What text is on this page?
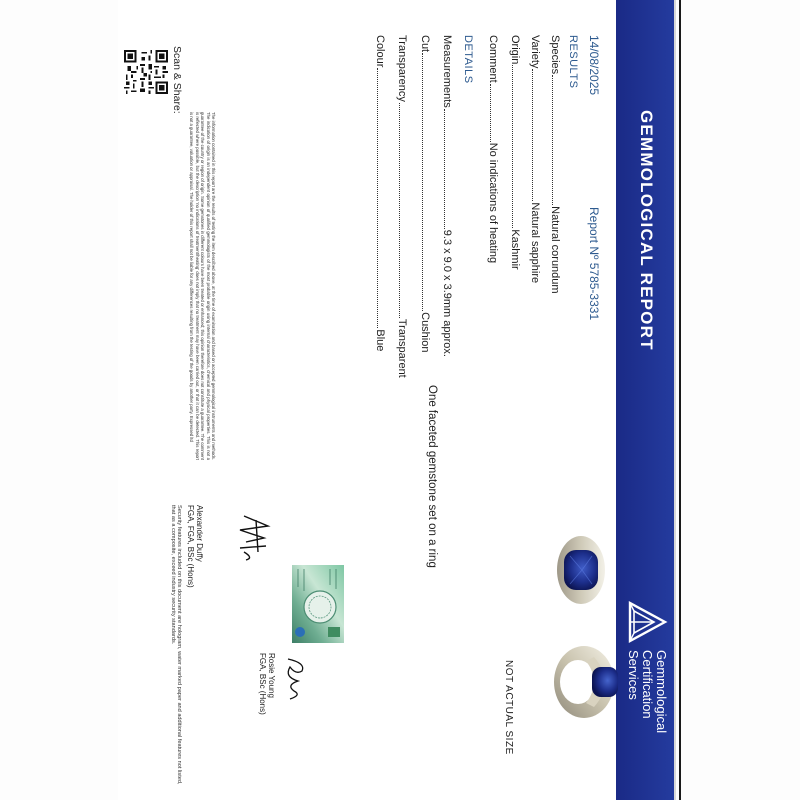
GEMMOLOGICAL REPORT
Gemmological
Certification
Services
14/08/2025
Report Nº 5785-3331
RESULTS
Species
Natural corundum
Variety
Natural sapphire
Origin
Kashmir
Comment
No indications of heating
DETAILS
Measurements
9.3 x 9.0 x 3.9mm approx.
Cut
Cushion
Transparency
Transparent
Colour
Blue
One faceted gemstone set on a ring
NOT ACTUAL SIZE
Scan & Share:
The information contained in this report are the results of testing the item described above, at the time of examination and based on accepted gemmological instruments and methods. The indication of origin is an independent opinion of qualified gemmologists of the most probable origin using internal characteristics, chemical and physical properties. This is not a guarantee of the country or region of origin. Some gemstones in different colours have been treated or enhanced; this opinion therefore does not constitute a guarantee. The comment is reflected where possible, but the description 'no indications of treatment/heating' does not imply that no treatment may have been carried out, or that it can be detected. This report is not a guarantee, valuation or appraisal. The holder of this report shall not be liable for any differences resulting from the testing of the goods by another party. Expressed ltd
Alexander Duffy
FGA, FGA, BSc (Hons)
Security features included on this document are hologram, water marked paper and additional features not listed, that as a composite, exceed industry security standards.
Rosie Young
FGA, BSc (Hons)
